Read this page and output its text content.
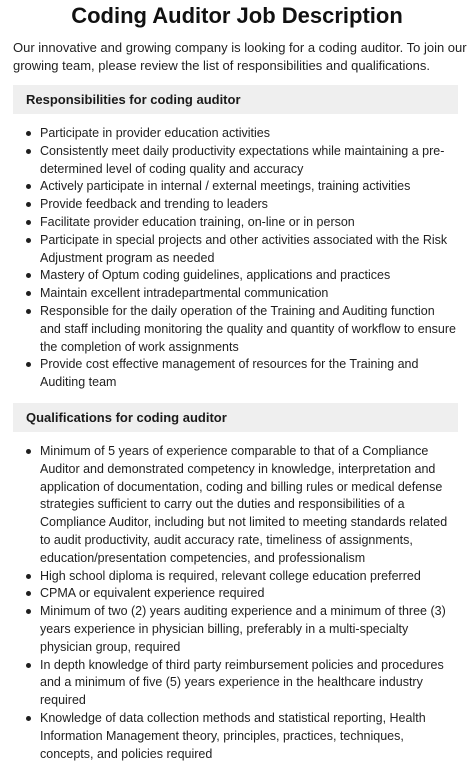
Coding Auditor Job Description
Our innovative and growing company is looking for a coding auditor. To join our growing team, please review the list of responsibilities and qualifications.
Responsibilities for coding auditor
Participate in provider education activities
Consistently meet daily productivity expectations while maintaining a pre-determined level of coding quality and accuracy
Actively participate in internal / external meetings, training activities
Provide feedback and trending to leaders
Facilitate provider education training, on-line or in person
Participate in special projects and other activities associated with the Risk Adjustment program as needed
Mastery of Optum coding guidelines, applications and practices
Maintain excellent intradepartmental communication
Responsible for the daily operation of the Training and Auditing function and staff including monitoring the quality and quantity of workflow to ensure the completion of work assignments
Provide cost effective management of resources for the Training and Auditing team
Qualifications for coding auditor
Minimum of 5 years of experience comparable to that of a Compliance Auditor and demonstrated competency in knowledge, interpretation and application of documentation, coding and billing rules or medical defense strategies sufficient to carry out the duties and responsibilities of a Compliance Auditor, including but not limited to meeting standards related to audit productivity, audit accuracy rate, timeliness of assignments, education/presentation competencies, and professionalism
High school diploma is required, relevant college education preferred
CPMA or equivalent experience required
Minimum of two (2) years auditing experience and a minimum of three (3) years experience in physician billing, preferably in a multi-specialty physician group, required
In depth knowledge of third party reimbursement policies and procedures and a minimum of five (5) years experience in the healthcare industry required
Knowledge of data collection methods and statistical reporting, Health Information Management theory, principles, practices, techniques, concepts, and policies required
